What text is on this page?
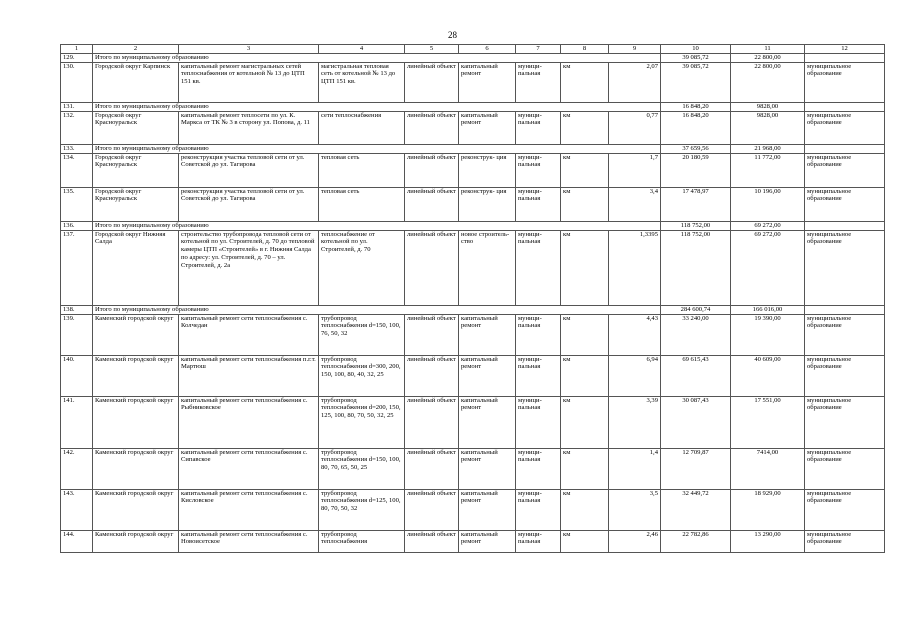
28
1	2	3	4	5	6	7	8	9	10	11	12
129.	Итого по муниципальному образованию								39 085,72	22 800,00	
130.	Городской округ Карпинск	капитальный ремонт магистральных сетей теплоснабжения от котельной № 13 до ЦТП 151 кв.	магистральная тепловая сеть от котельной № 13 до ЦТП 151 кв.	линейный объект	капитальный ремонт	муници- пальная	км	2,07	39 085,72	22 800,00	муниципальное образование
131.	Итого по муниципальному образованию								16 848,20	9828,00	
132.	Городской округ Красноуральск	капитальный ремонт теплосети по ул. К. Маркса от ТК № 3 в сторону ул. Попова, д. 11	сети теплоснабжения	линейный объект	капитальный ремонт	муници- пальная	км	0,77	16 848,20	9828,00	муниципальное образование
133.	Итого по муниципальному образованию								37 659,56	21 968,00	
134.	Городской округ Красноуральск	реконструкция участка тепловой сети от ул. Советской до ул. Тагирова	тепловая сеть	линейный объект	реконструк- ция	муници- пальная	км	1,7	20 180,59	11 772,00	муниципальное образование
135.	Городской округ Красноуральск	реконструкция участка тепловой сети от ул. Советской до ул. Тагирова	тепловая сеть	линейный объект	реконструк- ция	муници- пальная	км	3,4	17 478,97	10 196,00	муниципальное образование
136.	Итого по муниципальному образованию								118 752,00	69 272,00	
137.	Городской округ Нижняя Салда	строительство трубопровода тепловой сети от котельной по ул. Строителей, д. 70 до тепловой камеры ЦТП «Строителей» в г. Нижняя Салда по адресу: ул. Строителей, д. 70 – ул. Строителей, д. 2а	теплоснабжение от котельной по ул. Строителей, д. 70	линейный объект	новое строитель- ство	муници- пальная	км	1,3395	118 752,00	69 272,00	муниципальное образование
138.	Итого по муниципальному образованию								284 600,74	166 016,00	
139.	Каменский городской округ	капитальный ремонт сети теплоснабжения с. Колчедан	трубопровод теплоснабжения d=150, 100, 76, 50, 32	линейный объект	капитальный ремонт	муници- пальная	км	4,43	33 240,00	19 390,00	муниципальное образование
140.	Каменский городской округ	капитальный ремонт сети теплоснабжения п.г.т. Мартюш	трубопровод теплоснабжения d=300, 200, 150, 100, 80, 40, 32, 25	линейный объект	капитальный ремонт	муници- пальная	км	6,94	69 615,43	40 609,00	муниципальное образование
141.	Каменский городской округ	капитальный ремонт сети теплоснабжения с. Рыбниковское	трубопровод теплоснабжения d=200, 150, 125, 100, 80, 70, 50, 32, 25	линейный объект	капитальный ремонт	муници- пальная	км	3,39	30 087,43	17 551,00	муниципальное образование
142.	Каменский городской округ	капитальный ремонт сети теплоснабжения с. Сипавское	трубопровод теплоснабжения d=150, 100, 80, 70, 65, 50, 25	линейный объект	капитальный ремонт	муници- пальная	км	1,4	12 709,87	7414,00	муниципальное образование
143.	Каменский городской округ	капитальный ремонт сети теплоснабжения с. Кисловское	трубопровод теплоснабжения d=125, 100, 80, 70, 50, 32	линейный объект	капитальный ремонт	муници- пальная	км	3,5	32 449,72	18 929,00	муниципальное образование
144.	Каменский городской округ	капитальный ремонт сети теплоснабжения с. Новоисетское	трубопровод теплоснабжения	линейный объект	капитальный ремонт	муници- пальная	км	2,46	22 782,86	13 290,00	муниципальное образование
